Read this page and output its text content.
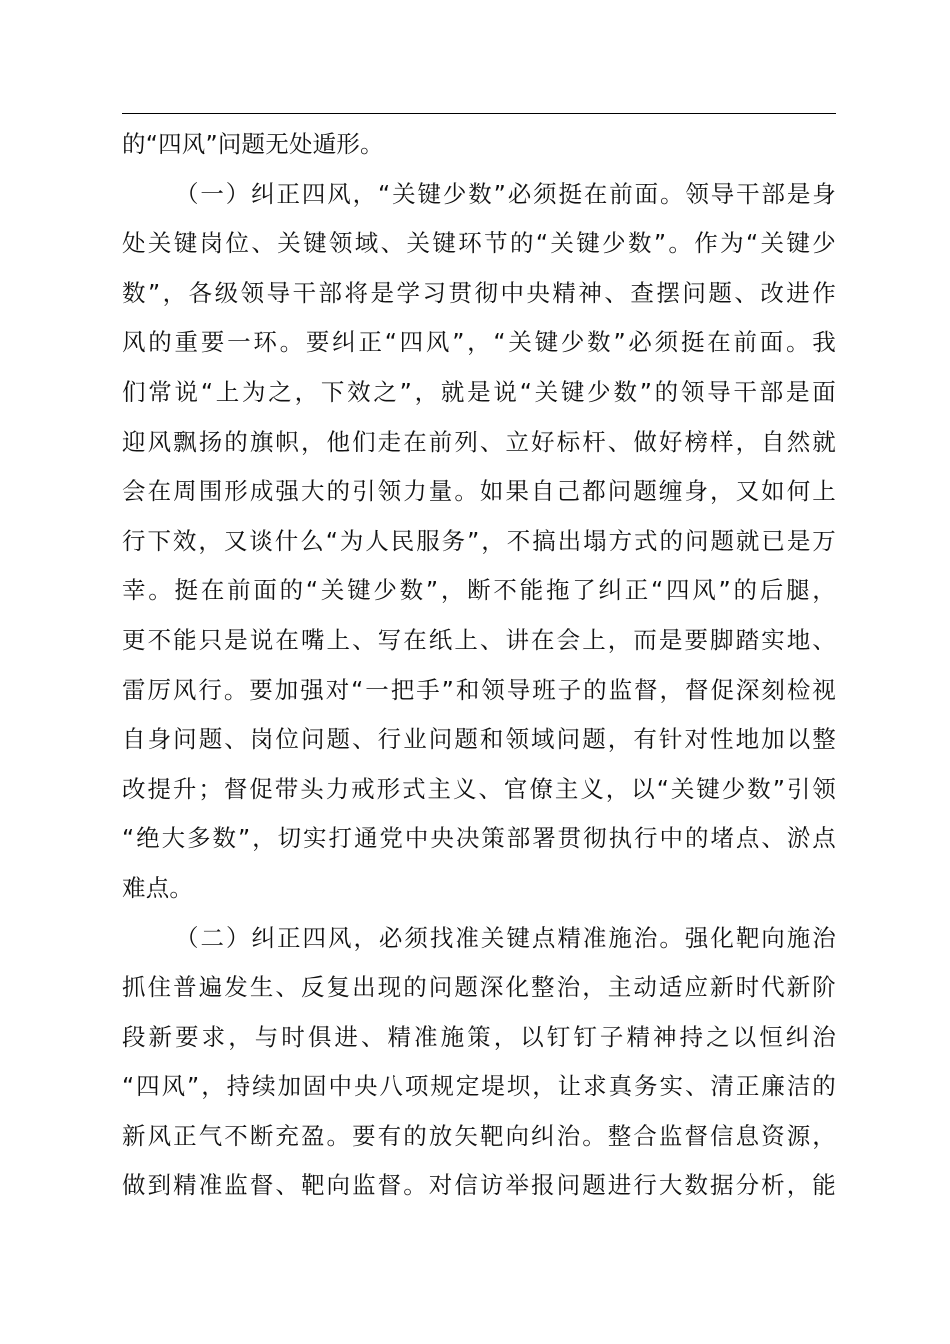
的“四风”问题无处遁形。
（一）纠正四风，“关键少数”必须挺在前面。领导干部是身
处关键岗位、关键领域、关键环节的“关键少数”。作为“关键少
数”，各级领导干部将是学习贯彻中央精神、查摆问题、改进作
风的重要一环。要纠正“四风”，“关键少数”必须挺在前面。我
们常说“上为之，下效之”，就是说“关键少数”的领导干部是面
迎风飘扬的旗帜，他们走在前列、立好标杆、做好榜样，自然就
会在周围形成强大的引领力量。如果自己都问题缠身，又如何上
行下效，又谈什么“为人民服务”，不搞出塌方式的问题就已是万
幸。挺在前面的“关键少数”，断不能拖了纠正“四风”的后腿，
更不能只是说在嘴上、写在纸上、讲在会上，而是要脚踏实地、
雷厉风行。要加强对“一把手”和领导班子的监督，督促深刻检视
自身问题、岗位问题、行业问题和领域问题，有针对性地加以整
改提升；督促带头力戒形式主义、官僚主义，以“关键少数”引领
“绝大多数”，切实打通党中央决策部署贯彻执行中的堵点、淤点
难点。
（二）纠正四风，必须找准关键点精准施治。强化靶向施治
抓住普遍发生、反复出现的问题深化整治，主动适应新时代新阶
段新要求，与时俱进、精准施策，以钉钉子精神持之以恒纠治
“四风”，持续加固中央八项规定堤坝，让求真务实、清正廉洁的
新风正气不断充盈。要有的放矢靶向纠治。整合监督信息资源，
做到精准监督、靶向监督。对信访举报问题进行大数据分析，能
